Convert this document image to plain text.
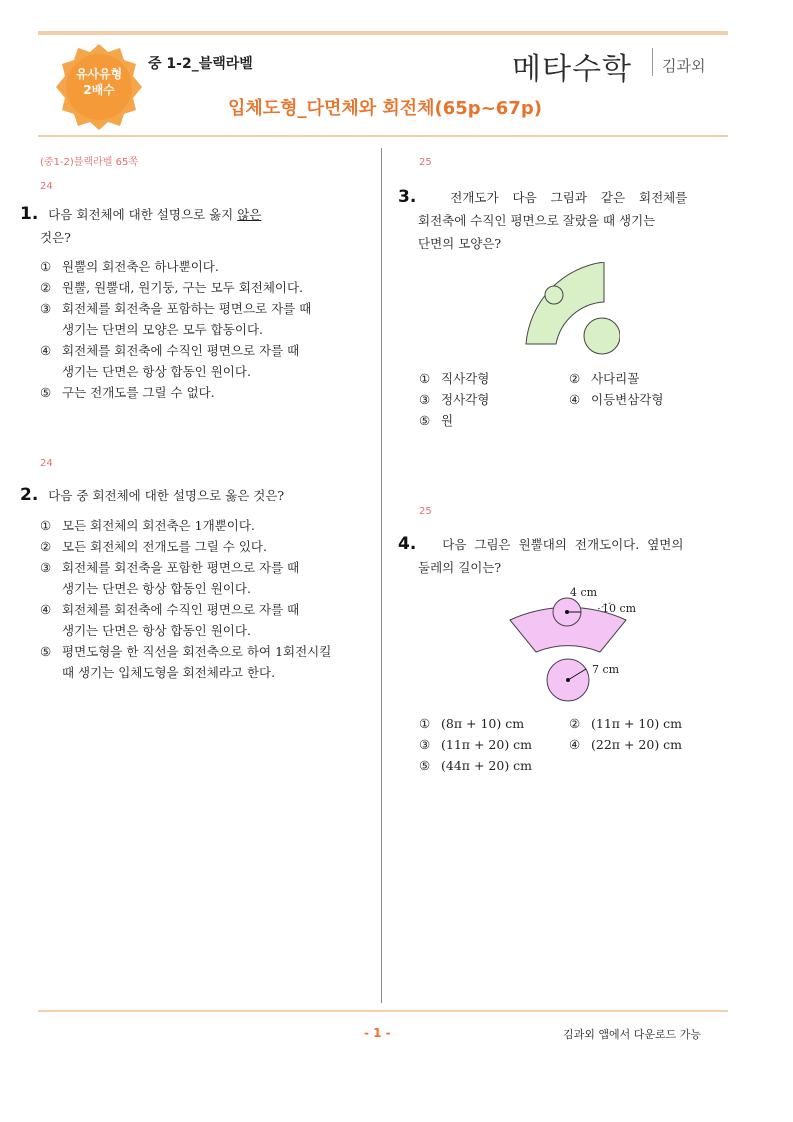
유사유형
2배수
중 1-2_블랙라벨	메타수학 김과외
입체도형_다면체와 회전체(65p~67p)
(중1-2)블랙라벨 65쪽
24
1. 다음 회전체에 대한 설명으로 옳지 않은
것은?
① 원뿔의 회전축은 하나뿐이다.
② 원뿔, 원뿔대, 원기둥, 구는 모두 회전체이다.
③ 회전체를 회전축을 포함하는 평면으로 자를 때
생기는 단면의 모양은 모두 합동이다.
④ 회전체를 회전축에 수직인 평면으로 자를 때
생기는 단면은 항상 합동인 원이다.
⑤ 구는 전개도를 그릴 수 없다.
24
2. 다음 중 회전체에 대한 설명으로 옳은 것은?
① 모든 회전체의 회전축은 1개뿐이다.
② 모든 회전체의 전개도를 그릴 수 있다.
③ 회전체를 회전축을 포함한 평면으로 자를 때
생기는 단면은 항상 합동인 원이다.
④ 회전체를 회전축에 수직인 평면으로 자를 때
생기는 단면은 항상 합동인 원이다.
⑤ 평면도형을 한 직선을 회전축으로 하여 1회전시킬
때 생기는 입체도형을 회전체라고 한다.
25
3.	전개도가 다음 그림과 같은 회전체를
회전축에 수직인 평면으로 잘랐을 때 생기는
단면의 모양은?
① 직사각형	② 사다리꼴
③ 정사각형	④ 이등변삼각형
⑤ 원
25
4. 다음 그림은 원뿔대의 전개도이다. 옆면의
둘레의 길이는?
4 cm
10 cm
7 cm
① (8π + 10) cm	② (11π + 10) cm
③ (11π + 20) cm	④ (22π + 20) cm
⑤ (44π + 20) cm
- 1 -	김과외 앱에서 다운로드 가능
